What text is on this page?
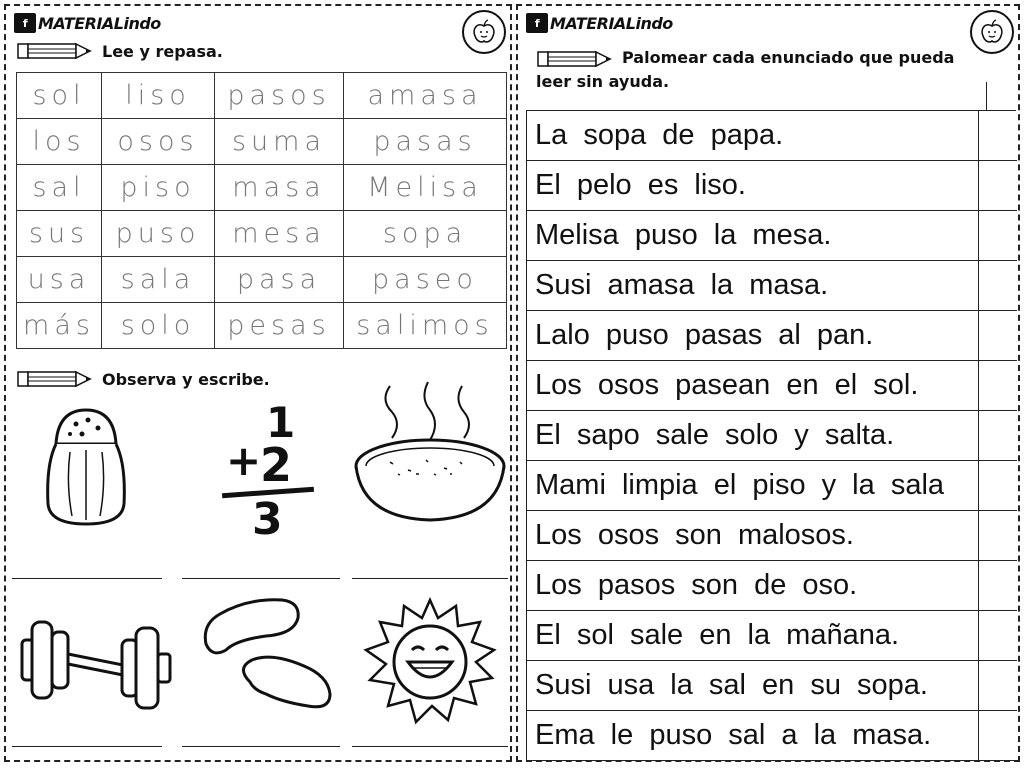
f MATERIALindo
Lee y repasa.
sol	liso	pasos	amasa
los	osos	suma	pasas
sal	piso	masa	Melisa
sus	puso	mesa	sopa
usa	sala	pasa	paseo
más	solo	pesas	salimos
Observa y escribe.
1
+
2
3
f MATERIALindo
Palomear cada enunciado que pueda leer sin ayuda.
La sopa de papa.
El pelo es liso.
Melisa puso la mesa.
Susi amasa la masa.
Lalo puso pasas al pan.
Los osos pasean en el sol.
El sapo sale solo y salta.
Mami limpia el piso y la sala
Los osos son malosos.
Los pasos son de oso.
El sol sale en la mañana.
Susi usa la sal en su sopa.
Ema le puso sal a la masa.
